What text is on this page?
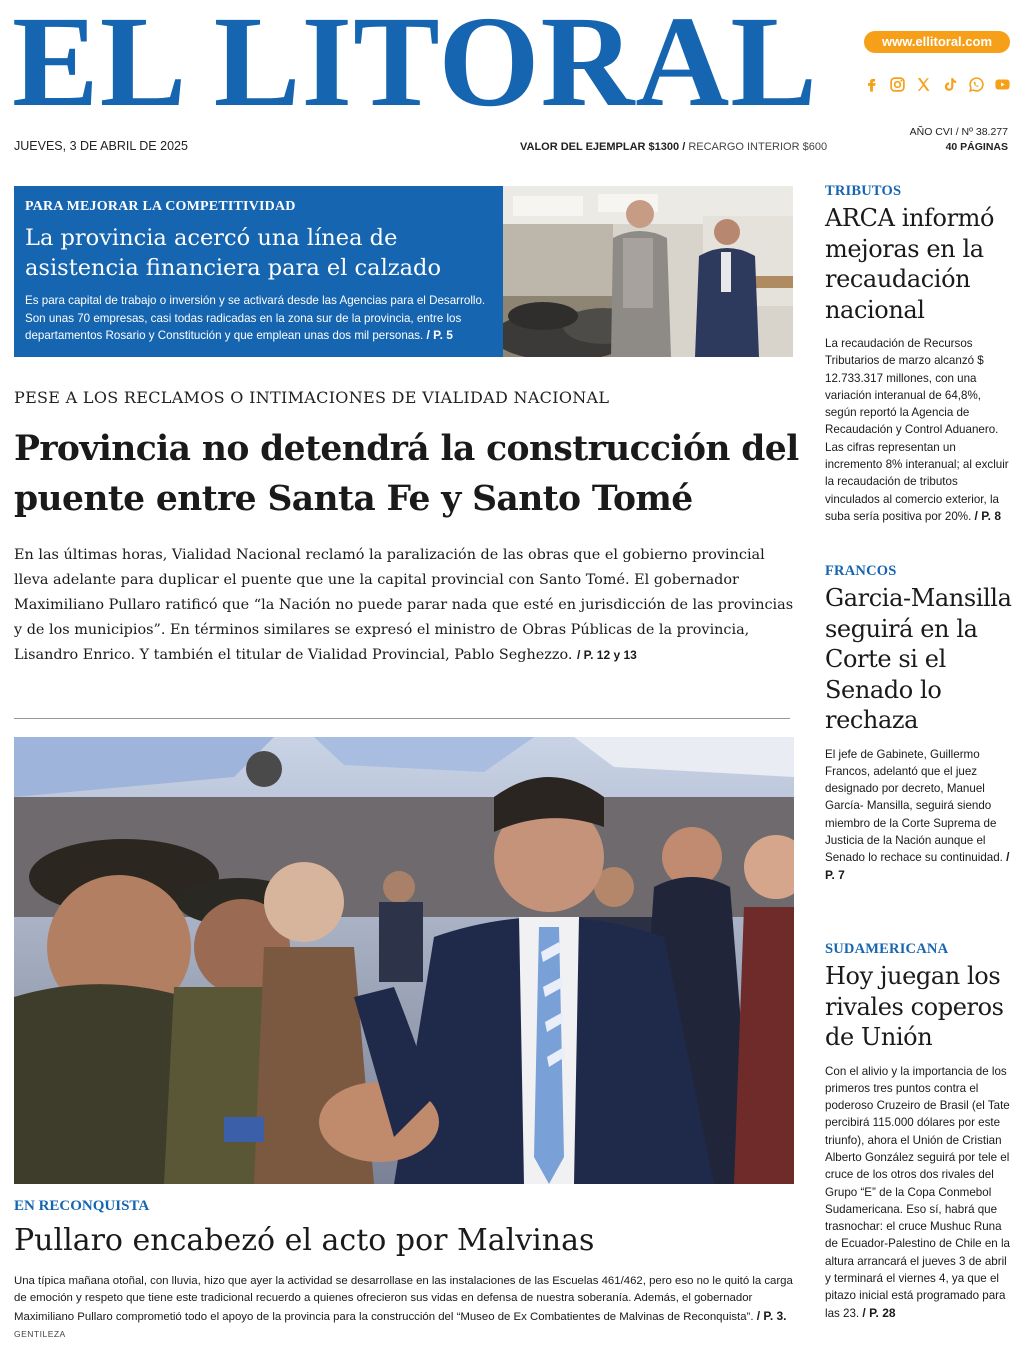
EL LITORAL	www.ellitoral.com
JUEVES, 3 DE ABRIL DE 2025	VALOR DEL EJEMPLAR $1300 / RECARGO INTERIOR $600
AÑO CVI / Nº 38.277
40 PÁGINAS
PARA MEJORAR LA COMPETITIVIDAD
La provincia acercó una línea de asistencia financiera para el calzado
Es para capital de trabajo o inversión y se activará desde las Agencias para el Desarrollo. Son unas 70 empresas, casi todas radicadas en la zona sur de la provincia, entre los departamentos Rosario y Constitución y que emplean unas dos mil personas. / P. 5
PESE A LOS RECLAMOS O INTIMACIONES DE VIALIDAD NACIONAL
Provincia no detendrá la construcción del puente entre Santa Fe y Santo Tomé
En las últimas horas, Vialidad Nacional reclamó la paralización de las obras que el gobierno provincial lleva adelante para duplicar el puente que une la capital provincial con Santo Tomé. El gobernador Maximiliano Pullaro ratificó que “la Nación no puede parar nada que esté en jurisdicción de las provincias y de los municipios”. En términos similares se expresó el ministro de Obras Públicas de la provincia, Lisandro Enrico. Y también el titular de Vialidad Provincial, Pablo Seghezzo. / P. 12 y 13
EN RECONQUISTA
Pullaro encabezó el acto por Malvinas
Una típica mañana otoñal, con lluvia, hizo que ayer la actividad se desarrollase en las instalaciones de las Escuelas 461/462, pero eso no le quitó la carga de emoción y respeto que tiene este tradicional recuerdo a quienes ofrecieron sus vidas en defensa de nuestra soberanía. Además, el gobernador Maximiliano Pullaro comprometió todo el apoyo de la provincia para la construcción del “Museo de Ex Combatientes de Malvinas de Reconquista”. / P. 3. GENTILEZA
TRIBUTOS
ARCA informó mejoras en la recaudación nacional
La recaudación de Recursos Tributarios de marzo alcanzó $ 12.733.317 millones, con una variación interanual de 64,8%, según reportó la Agencia de Recaudación y Control Aduanero. Las cifras representan un incremento 8% interanual; al excluir la recaudación de tributos vinculados al comercio exterior, la suba sería positiva por 20%. / P. 8
FRANCOS
Garcia-Mansilla seguirá en la Corte si el Senado lo rechaza
El jefe de Gabinete, Guillermo Francos, adelantó que el juez designado por decreto, Manuel García- Mansilla, seguirá siendo miembro de la Corte Suprema de Justicia de la Nación aunque el Senado lo rechace su continuidad. / P. 7
SUDAMERICANA
Hoy juegan los rivales coperos de Unión
Con el alivio y la importancia de los primeros tres puntos contra el poderoso Cruzeiro de Brasil (el Tate percibirá 115.000 dólares por este triunfo), ahora el Unión de Cristian Alberto González seguirá por tele el cruce de los otros dos rivales del Grupo “E” de la Copa Conmebol Sudamericana. Eso sí, habrá que trasnochar: el cruce Mushuc Runa de Ecuador-Palestino de Chile en la altura arrancará el jueves 3 de abril y terminará el viernes 4, ya que el pitazo inicial está programado para las 23. / P. 28
